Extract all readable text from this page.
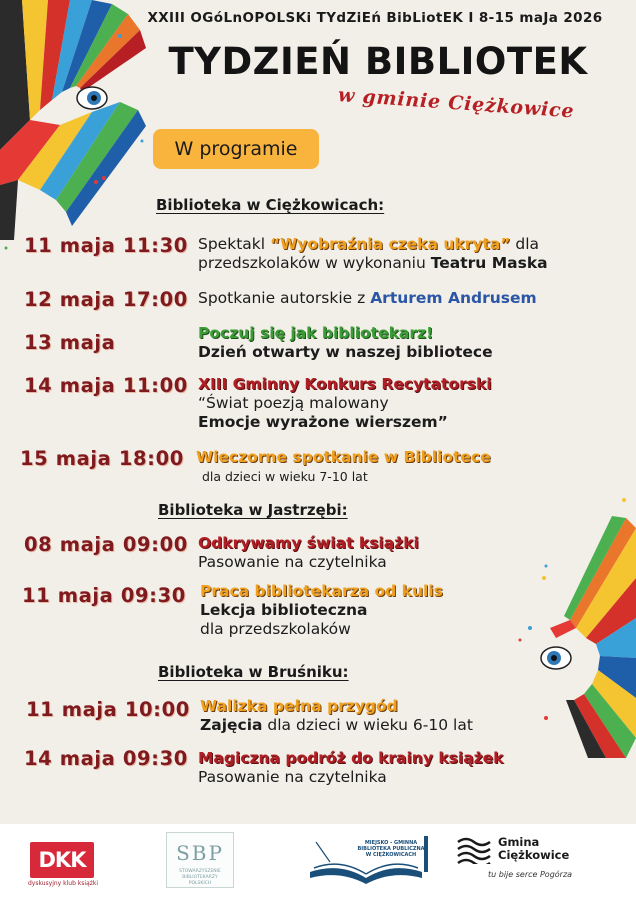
XXIII OGóLnOPOLSKi TYdZiEń BibLiotEK I 8-15 maJa 2026
TYDZIEŃ BIBLIOTEK
w gminie Ciężkowice
W programie
Biblioteka w Ciężkowicach:
11 maja 11:30 Spektakl “Wyobraźnia czeka ukryta” dla
przedszkolaków w wykonaniu Teatru Maska
12 maja 17:00 Spotkanie autorskie z Arturem Andrusem
13 maja	Poczuj się jak bibliotekarz!
Dzień otwarty w naszej bibliotece
14 maja 11:00 XIII Gminny Konkurs Recytatorski
“Świat poezją malowany
Emocje wyrażone wierszem”
15 maja 18:00 Wieczorne spotkanie w Bibliotece
dla dzieci w wieku 7-10 lat
Biblioteka w Jastrzębi:
08 maja 09:00 Odkrywamy świat książki
Pasowanie na czytelnika
11 maja 09:30 Praca bibliotekarza od kulis
Lekcja biblioteczna
dla przedszkolaków
Biblioteka w Bruśniku:
11 maja 10:00 Walizka pełna przygód
Zajęcia dla dzieci w wieku 6-10 lat
14 maja 09:30 Magiczna podróż do krainy książek
Pasowanie na czytelnika
DKK
dyskusyjny klub książki
SBP
STOWARZYSZENIE BIBLIOTEKARZY POLSKICH
MIEJSKO - GMINNA BIBLIOTEKA PUBLICZNA W CIĘŻKOWICACH
Gmina
Ciężkowice
tu bije serce Pogórza
